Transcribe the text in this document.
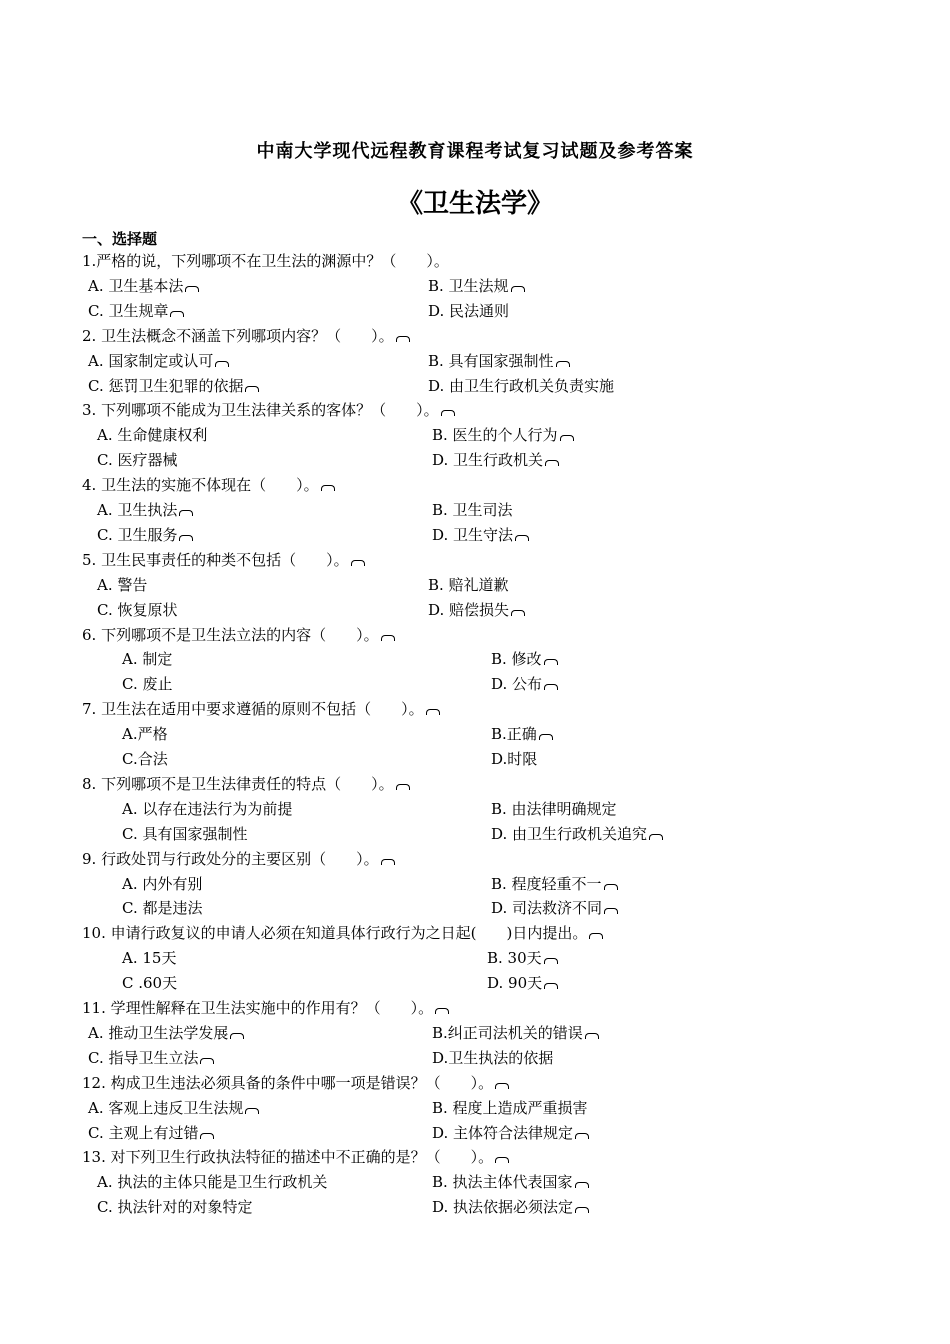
中南大学现代远程教育课程考试复习试题及参考答案
《卫生法学》
一、选择题
1.严格的说，下列哪项不在卫生法的渊源中？（　　）。
A. 卫生基本法	B. 卫生法规
C. 卫生规章	D. 民法通则
2. 卫生法概念不涵盖下列哪项内容？（　　）。
A. 国家制定或认可	B. 具有国家强制性
C. 惩罚卫生犯罪的依据	D. 由卫生行政机关负责实施
3. 下列哪项不能成为卫生法律关系的客体？（　　）。
A. 生命健康权利	B. 医生的个人行为
C. 医疗器械	D. 卫生行政机关
4. 卫生法的实施不体现在（　　）。
A. 卫生执法	B. 卫生司法
C. 卫生服务	D. 卫生守法
5. 卫生民事责任的种类不包括（　　）。
A. 警告	B. 赔礼道歉
C. 恢复原状	D. 赔偿损失
6. 下列哪项不是卫生法立法的内容（　　）。
A. 制定	B. 修改
C. 废止	D. 公布
7. 卫生法在适用中要求遵循的原则不包括（　　）。
A.严格	B.正确
C.合法	D.时限
8. 下列哪项不是卫生法律责任的特点（　　）。
A. 以存在违法行为为前提	B. 由法律明确规定
C. 具有国家强制性	D. 由卫生行政机关追究
9. 行政处罚与行政处分的主要区别（　　）。
A. 内外有别	B. 程度轻重不一
C. 都是违法	D. 司法救济不同
10. 申请行政复议的申请人必须在知道具体行政行为之日起(　　)日内提出。
A. 15天	B. 30天
C .60天	D. 90天
11. 学理性解释在卫生法实施中的作用有？（　　）。
A. 推动卫生法学发展	B.纠正司法机关的错误
C. 指导卫生立法	D.卫生执法的依据
12. 构成卫生违法必须具备的条件中哪一项是错误？（　　）。
A. 客观上违反卫生法规	B. 程度上造成严重损害
C. 主观上有过错	D. 主体符合法律规定
13. 对下列卫生行政执法特征的描述中不正确的是？（　　）。
A. 执法的主体只能是卫生行政机关	B. 执法主体代表国家
C. 执法针对的对象特定	D. 执法依据必须法定
